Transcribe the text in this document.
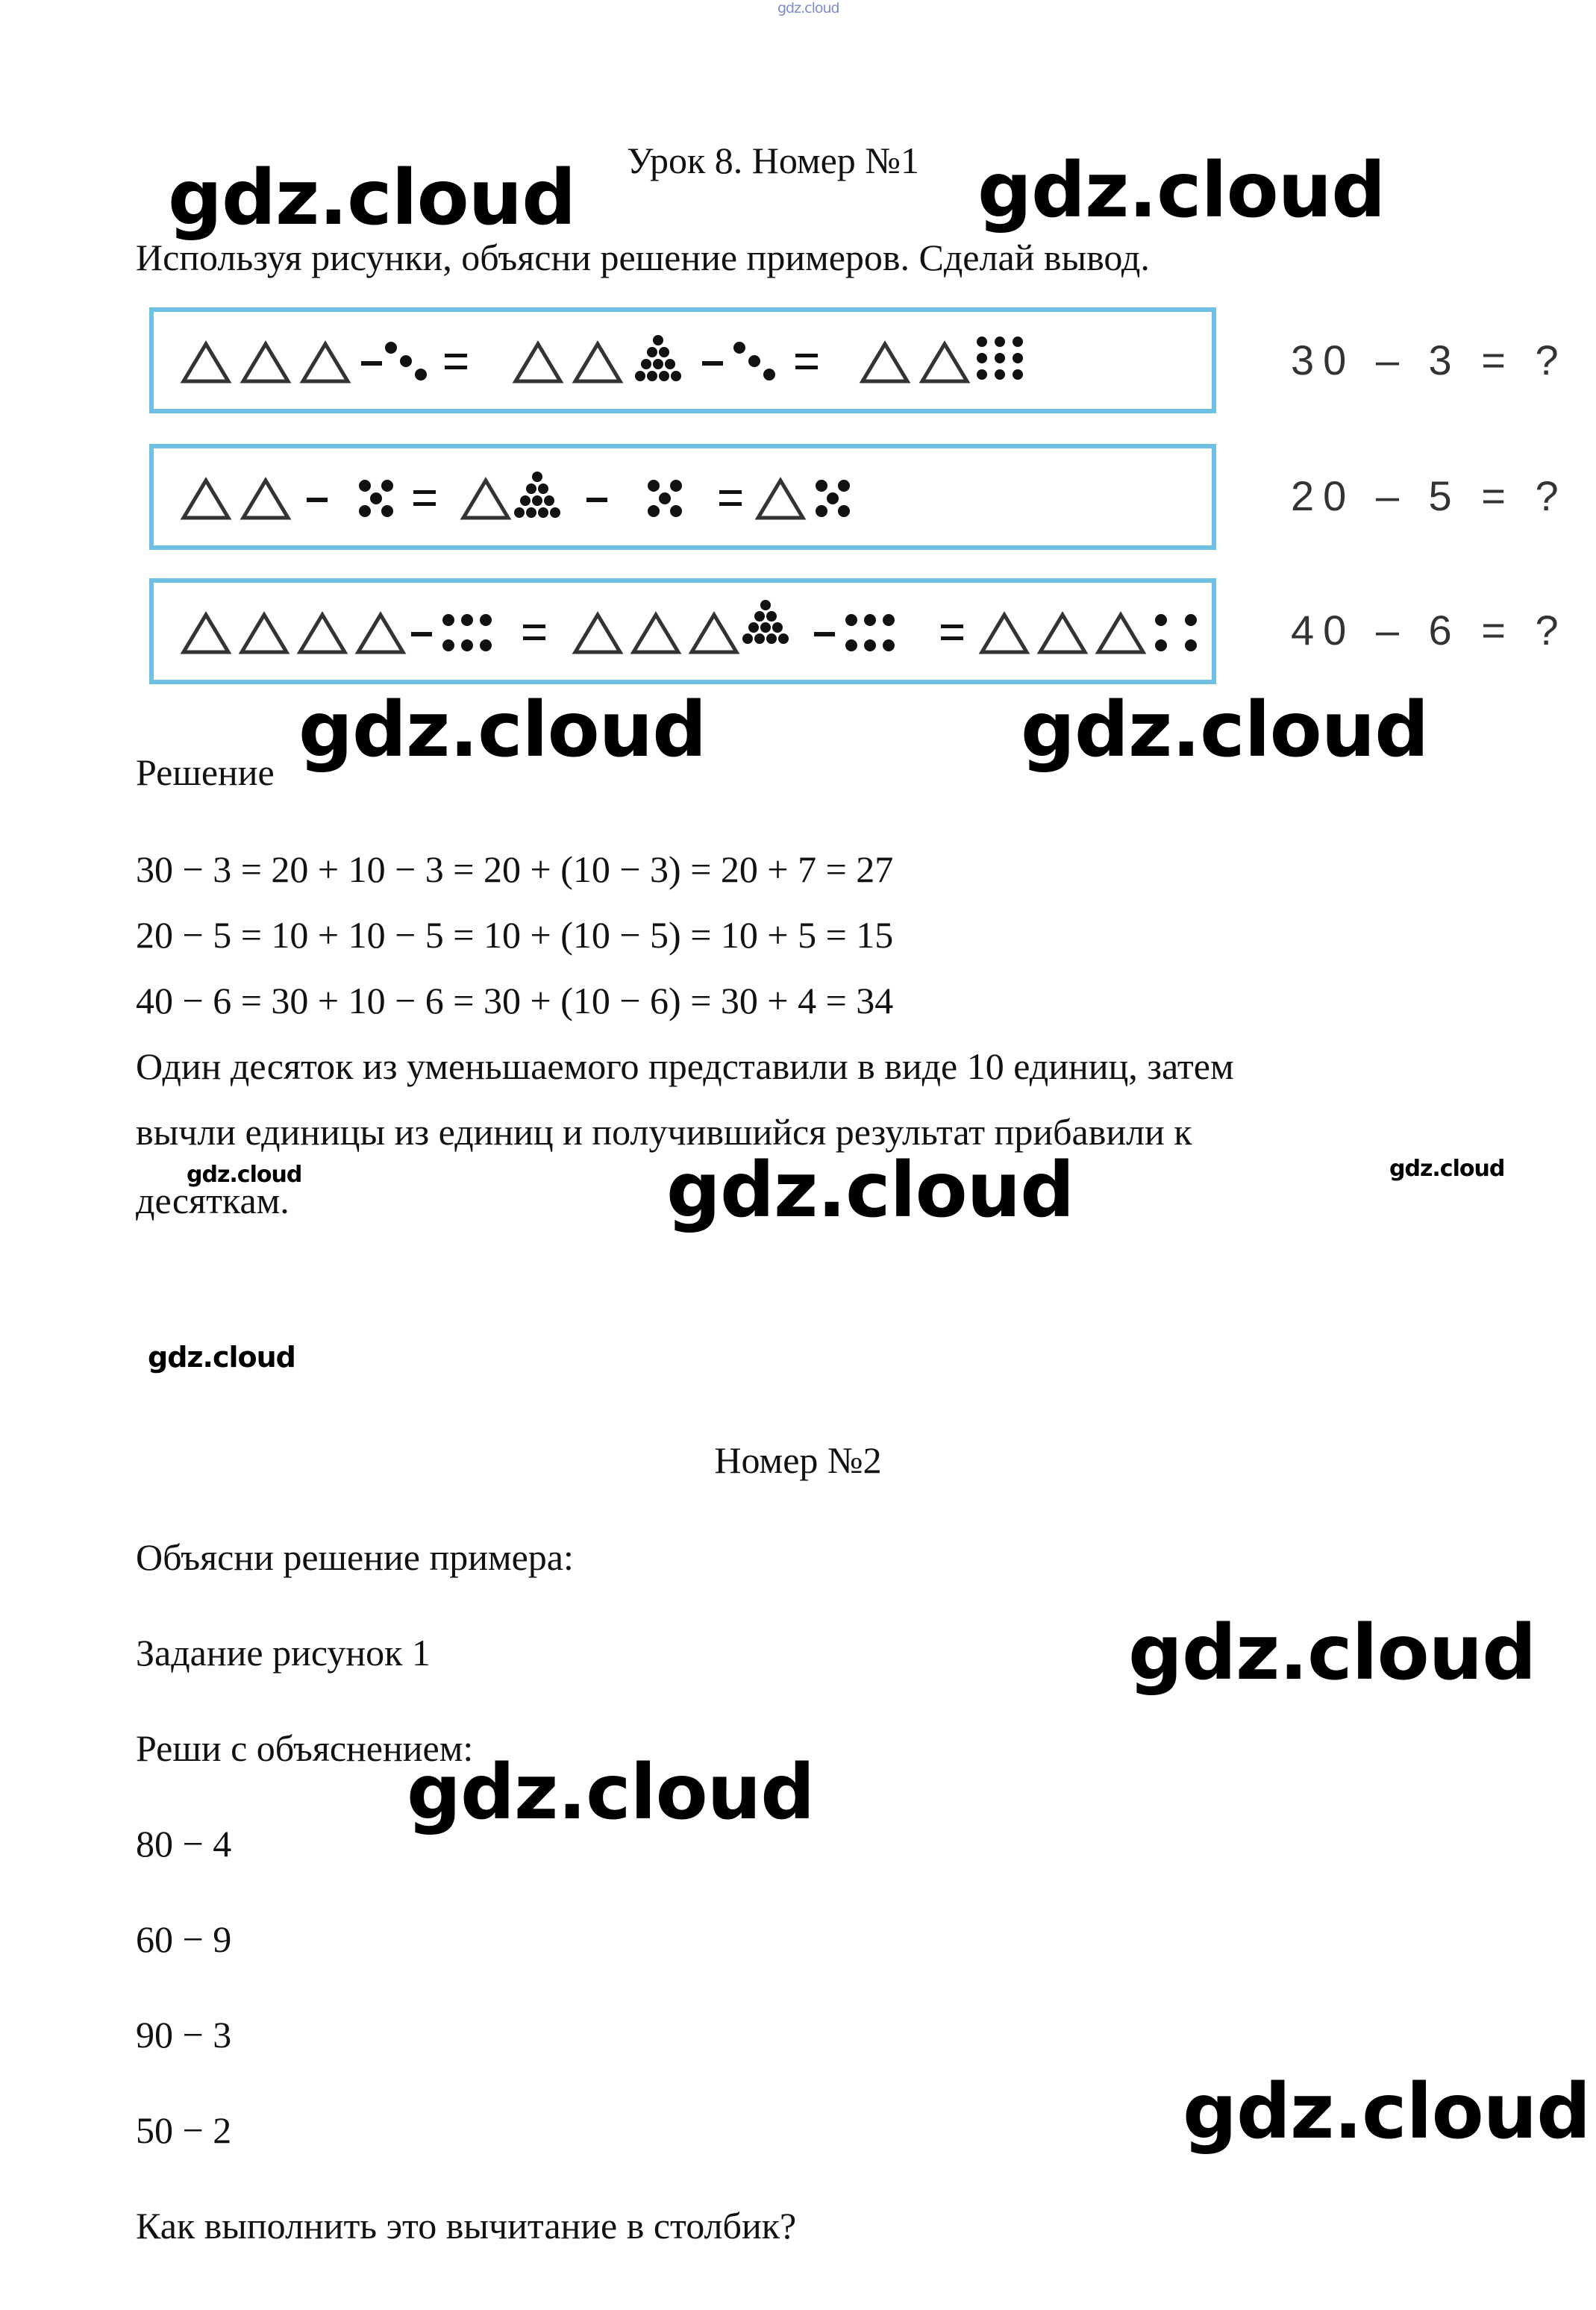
gdz.cloud
Урок 8. Номер №1
gdz.cloud	gdz.cloud
Используя рисунки, объясни решение примеров. Сделай вывод.
30 – 3 = ?
20 – 5 = ?
40 – 6 = ?
gdz.cloud	gdz.cloud
Решение
30 − 3 = 20 + 10 − 3 = 20 + (10 − 3) = 20 + 7 = 27
20 − 5 = 10 + 10 − 5 = 10 + (10 − 5) = 10 + 5 = 15
40 − 6 = 30 + 10 − 6 = 30 + (10 − 6) = 30 + 4 = 34
Один десяток из уменьшаемого представили в виде 10 единиц, затем
вычли единицы из единиц и получившийся результат прибавили к
десяткам.
gdz.cloud	gdz.cloud	gdz.cloud
gdz.cloud
Номер №2
Объясни решение примера:
Задание рисунок 1	gdz.cloud
Реши с объяснением:
gdz.cloud
80 − 4
60 − 9
90 − 3
50 − 2	gdz.cloud
Как выполнить это вычитание в столбик?
